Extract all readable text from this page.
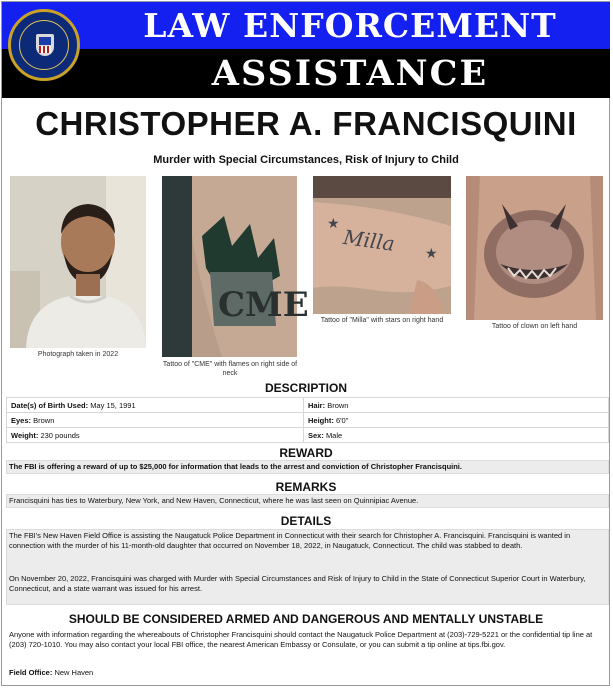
LAW ENFORCEMENT
ASSISTANCE
CHRISTOPHER A. FRANCISQUINI
Murder with Special Circumstances, Risk of Injury to Child
Photograph taken in 2022
CME
Tattoo of "CME" with flames on right side of neck
Milla
★
★
Tattoo of "Milla" with stars on right hand
Tattoo of clown on left hand
DESCRIPTION
Date(s) of Birth Used: May 15, 1991	Hair: Brown
Eyes: Brown	Height: 6'0"
Weight: 230 pounds	Sex: Male
REWARD
The FBI is offering a reward of up to $25,000 for information that leads to the arrest and conviction of Christopher Francisquini.
REMARKS
Francisquini has ties to Waterbury, New York, and New Haven, Connecticut, where he was last seen on Quinnipiac Avenue.
DETAILS
The FBI's New Haven Field Office is assisting the Naugatuck Police Department in Connecticut with their search for Christopher A. Francisquini. Francisquini is wanted in connection with the murder of his 11-month-old daughter that occurred on November 18, 2022, in Naugatuck, Connecticut. The child was stabbed to death.
On November 20, 2022, Francisquini was charged with Murder with Special Circumstances and Risk of Injury to Child in the State of Connecticut Superior Court in Waterbury, Connecticut, and a state warrant was issued for his arrest.
SHOULD BE CONSIDERED ARMED AND DANGEROUS AND MENTALLY UNSTABLE
Anyone with information regarding the whereabouts of Christopher Francisquini should contact the Naugatuck Police Department at (203)-729-5221 or the confidential tip line at (203) 720-1010. You may also contact your local FBI office, the nearest American Embassy or Consulate, or you can submit a tip online at tips.fbi.gov.
Field Office: New Haven
